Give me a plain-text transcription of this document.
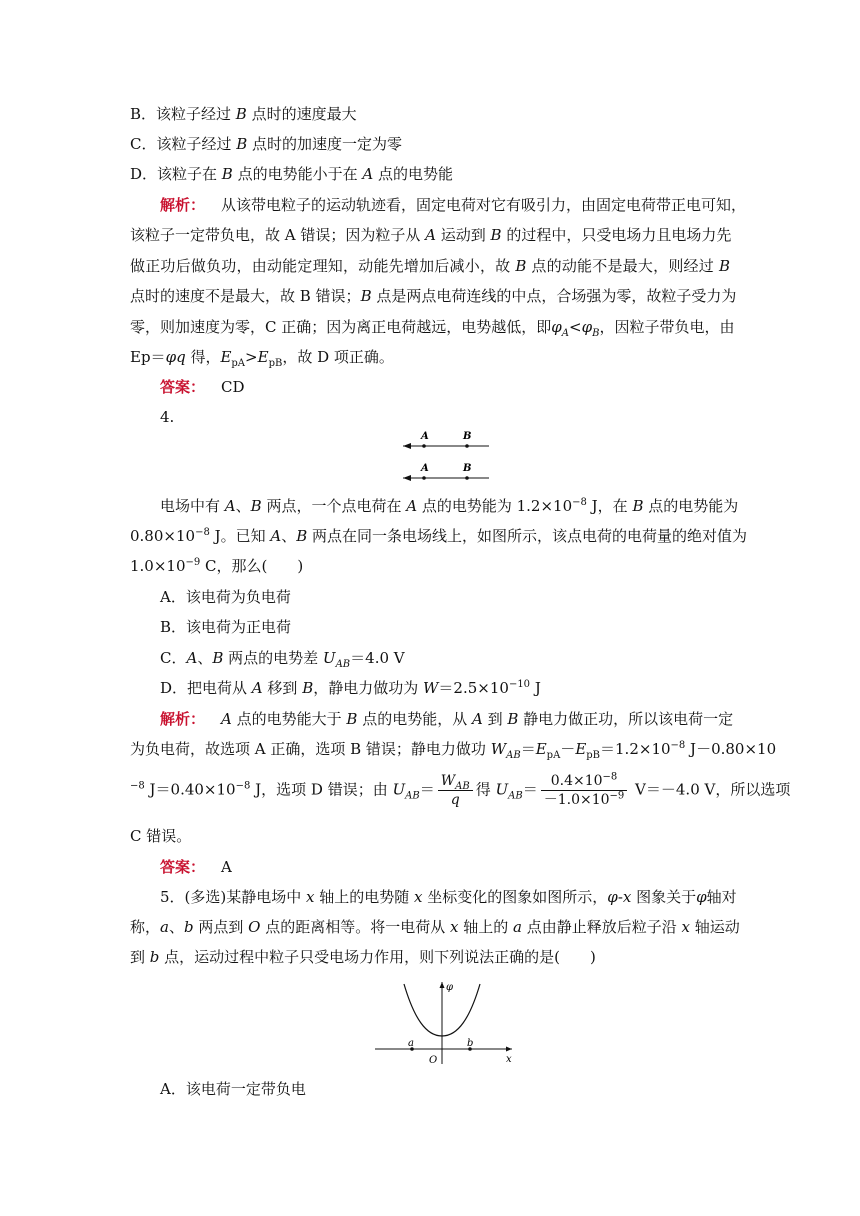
B．该粒子经过 B 点时的速度最大
C．该粒子经过 B 点时的加速度一定为零
D．该粒子在 B 点的电势能小于在 A 点的电势能
解析： 从该带电粒子的运动轨迹看，固定电荷对它有吸引力，由固定电荷带正电可知，
该粒子一定带负电，故 A 错误；因为粒子从 A 运动到 B 的过程中，只受电场力且电场力先
做正功后做负功，由动能定理知，动能先增加后减小，故 B 点的动能不是最大，则经过 B
点时的速度不是最大，故 B 错误；B 点是两点电荷连线的中点，合场强为零，故粒子受力为
零，则加速度为零，C 正确；因为离正电荷越远，电势越低，即$\varphi_A<\varphi_B$，因粒子带负电，由
Ep＝φq 得，$E_{pA}>E_{pB}$，故 D 项正确。
答案： CD
4.
A	B
A	B
电场中有 A、B 两点，一个点电荷在 A 点的电势能为 $1.2\times 10^{-8}$ J，在 B 点的电势能为
$0.80\times 10^{-8}$ J。已知 A、B 两点在同一条电场线上，如图所示，该点电荷的电荷量的绝对值为
$1.0\times 10^{-9}$ C，那么(　　)
A．该电荷为负电荷
B．该电荷为正电荷
C．A、B 两点的电势差 $U_{AB}=4.0$ V
D．把电荷从 A 移到 B，静电力做功为 $W=2.5\times 10^{-10}$ J
解析： A 点的电势能大于 B 点的电势能，从 A 到 B 静电力做正功，所以该电荷一定
为负电荷，故选项 A 正确，选项 B 错误；静电力做功 $W_{AB}=E_{pA}-E_{pB}=1.2\times 10^{-8}$ J－0.80×10
$^{-8}$ $J=0.40\times 10^{-8}$ J，选项 D 错误；由 $U_{AB}= \frac{W_{AB}}{q}$ 得 $U_{AB}= \frac{0.4\times 10^{-8}}{-1.0\times 10^{-9}} V=-4.0$ V，所以选项
C 错误。
答案： A
5．(多选)某静电场中 x 轴上的电势随 x 坐标变化的图象如图所示，φ-x 图象关于φ轴对
称，a、b 两点到 O 点的距离相等。将一电荷从 x 轴上的 a 点由静止释放后粒子沿 x 轴运动
到 b 点，运动过程中粒子只受电场力作用，则下列说法正确的是(　　)
φ
x
O
a	b
A．该电荷一定带负电
